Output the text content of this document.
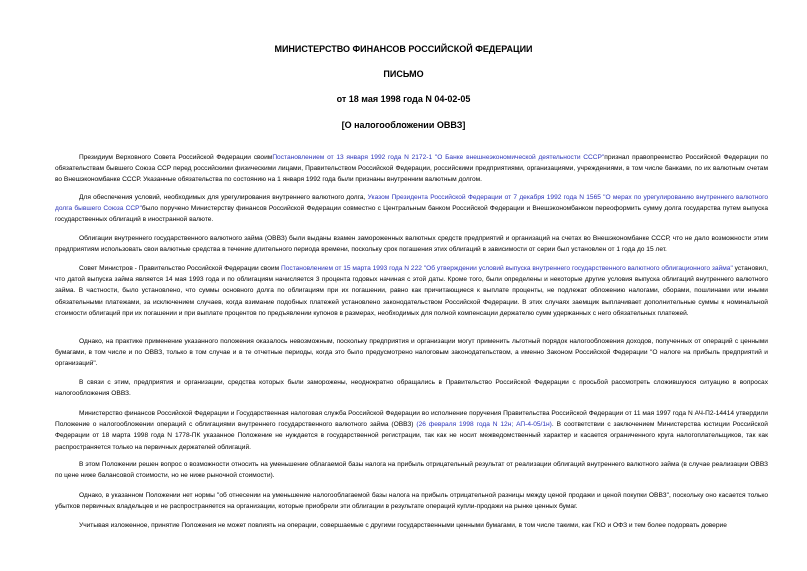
МИНИСТЕРСТВО ФИНАНСОВ РОССИЙСКОЙ ФЕДЕРАЦИИ
ПИСЬМО
от 18 мая 1998 года N 04-02-05
[О налогообложении ОВВЗ]

Президиум Верховного Совета Российской Федерации своимПостановлением от 13 января 1992 года N 2172-1 "О Банке внешнеэкономической деятельности СССР"признал правопреемство Российской Федерации по обязательствам бывшего Союза ССР перед российскими физическими лицами, Правительством Российской Федерации, российскими предприятиями, организациями, учреждениями, в том числе банками, по их валютным счетам во Внешэкономбанке СССР. Указанные обязательства по состоянию на 1 января 1992 года были признаны внутренним валютным долгом.

Для обеспечения условий, необходимых для урегулирования внутреннего валютного долга, Указом Президента Российской Федерации от 7 декабря 1992 года N 1565 "О мерах по урегулированию внутреннего валютного долга бывшего Союза ССР"было поручено Министерству финансов Российской Федерации совместно с Центральным банком Российской Федерации и Внешэкономбанком переоформить сумму долга государства путем выпуска государственных облигаций в иностранной валюте.

Облигации внутреннего государственного валютного займа (ОВВЗ) были выданы взамен замороженных валютных средств предприятий и организаций на счетах во Внешэкономбанке СССР, что не дало возможности этим предприятиям использовать свои валютные средства в течение длительного периода времени, поскольку срок погашения этих облигаций в зависимости от серии был установлен от 1 года до 15 лет.

Совет Министров - Правительство Российской Федерации своим Постановлением от 15 марта 1993 года N 222 "Об утверждении условий выпуска внутреннего государственного валютного облигационного займа" установил, что датой выпуска займа является 14 мая 1993 года и по облигациям начисляется 3 процента годовых начиная с этой даты. Кроме того, были определены и некоторые другие условия выпуска облигаций внутреннего валютного займа. В частности, было установлено, что суммы основного долга по облигациям при их погашении, равно как причитающиеся к выплате проценты, не подлежат обложению налогами, сборами, пошлинами или иными обязательными платежами, за исключением случаев, когда взимание подобных платежей установлено законодательством Российской Федерации. В этих случаях заемщик выплачивает дополнительные суммы к номинальной стоимости облигаций при их погашении и при выплате процентов по предъявлении купонов в размерах, необходимых для полной компенсации держателю сумм удержанных с него обязательных платежей.

Однако, на практике применение указанного положения оказалось невозможным, поскольку предприятия и организации могут применить льготный порядок налогообложения доходов, полученных от операций с ценными бумагами, в том числе и по ОВВЗ, только в том случае и в те отчетные периоды, когда это было предусмотрено налоговым законодательством, а именно Законом Российской Федерации "О налоге на прибыль предприятий и организаций".

В связи с этим, предприятия и организации, средства которых были заморожены, неоднократно обращались в Правительство Российской Федерации с просьбой рассмотреть сложившуюся ситуацию в вопросах налогообложения ОВВЗ.

Министерство финансов Российской Федерации и Государственная налоговая служба Российской Федерации во исполнение поручения Правительства Российской Федерации от 11 мая 1997 года N АЧ-П2-14414 утвердили Положение о налогообложении операций с облигациями внутреннего государственного валютного займа (ОВВЗ) (26 февраля 1998 года N 12н; АП-4-05/1н). В соответствии с заключением Министерства юстиции Российской Федерации от 18 марта 1998 года N 1778-ПК указанное Положение не нуждается в государственной регистрации, так как не носит межведомственный характер и касается ограниченного круга налогоплательщиков, так как распространяется только на первичных держателей облигаций.

В этом Положении решен вопрос о возможности относить на уменьшение облагаемой базы налога на прибыль отрицательный результат от реализации облигаций внутреннего валютного займа (в случае реализации ОВВЗ по цене ниже балансовой стоимости, но не ниже рыночной стоимости).

Однако, в указанном Положении нет нормы "об отнесении на уменьшение налогооблагаемой базы налога на прибыль отрицательной разницы между ценой продажи и ценой покупки ОВВЗ", поскольку оно касается только убытков первичных владельцев и не распространяется на организации, которые приобрели эти облигации в результате операций купли-продажи на рынке ценных бумаг.

Учитывая изложенное, принятие Положения не может повлиять на операции, совершаемые с другими государственными ценными бумагами, в том числе такими, как ГКО и ОФЗ и тем более подорвать доверие
